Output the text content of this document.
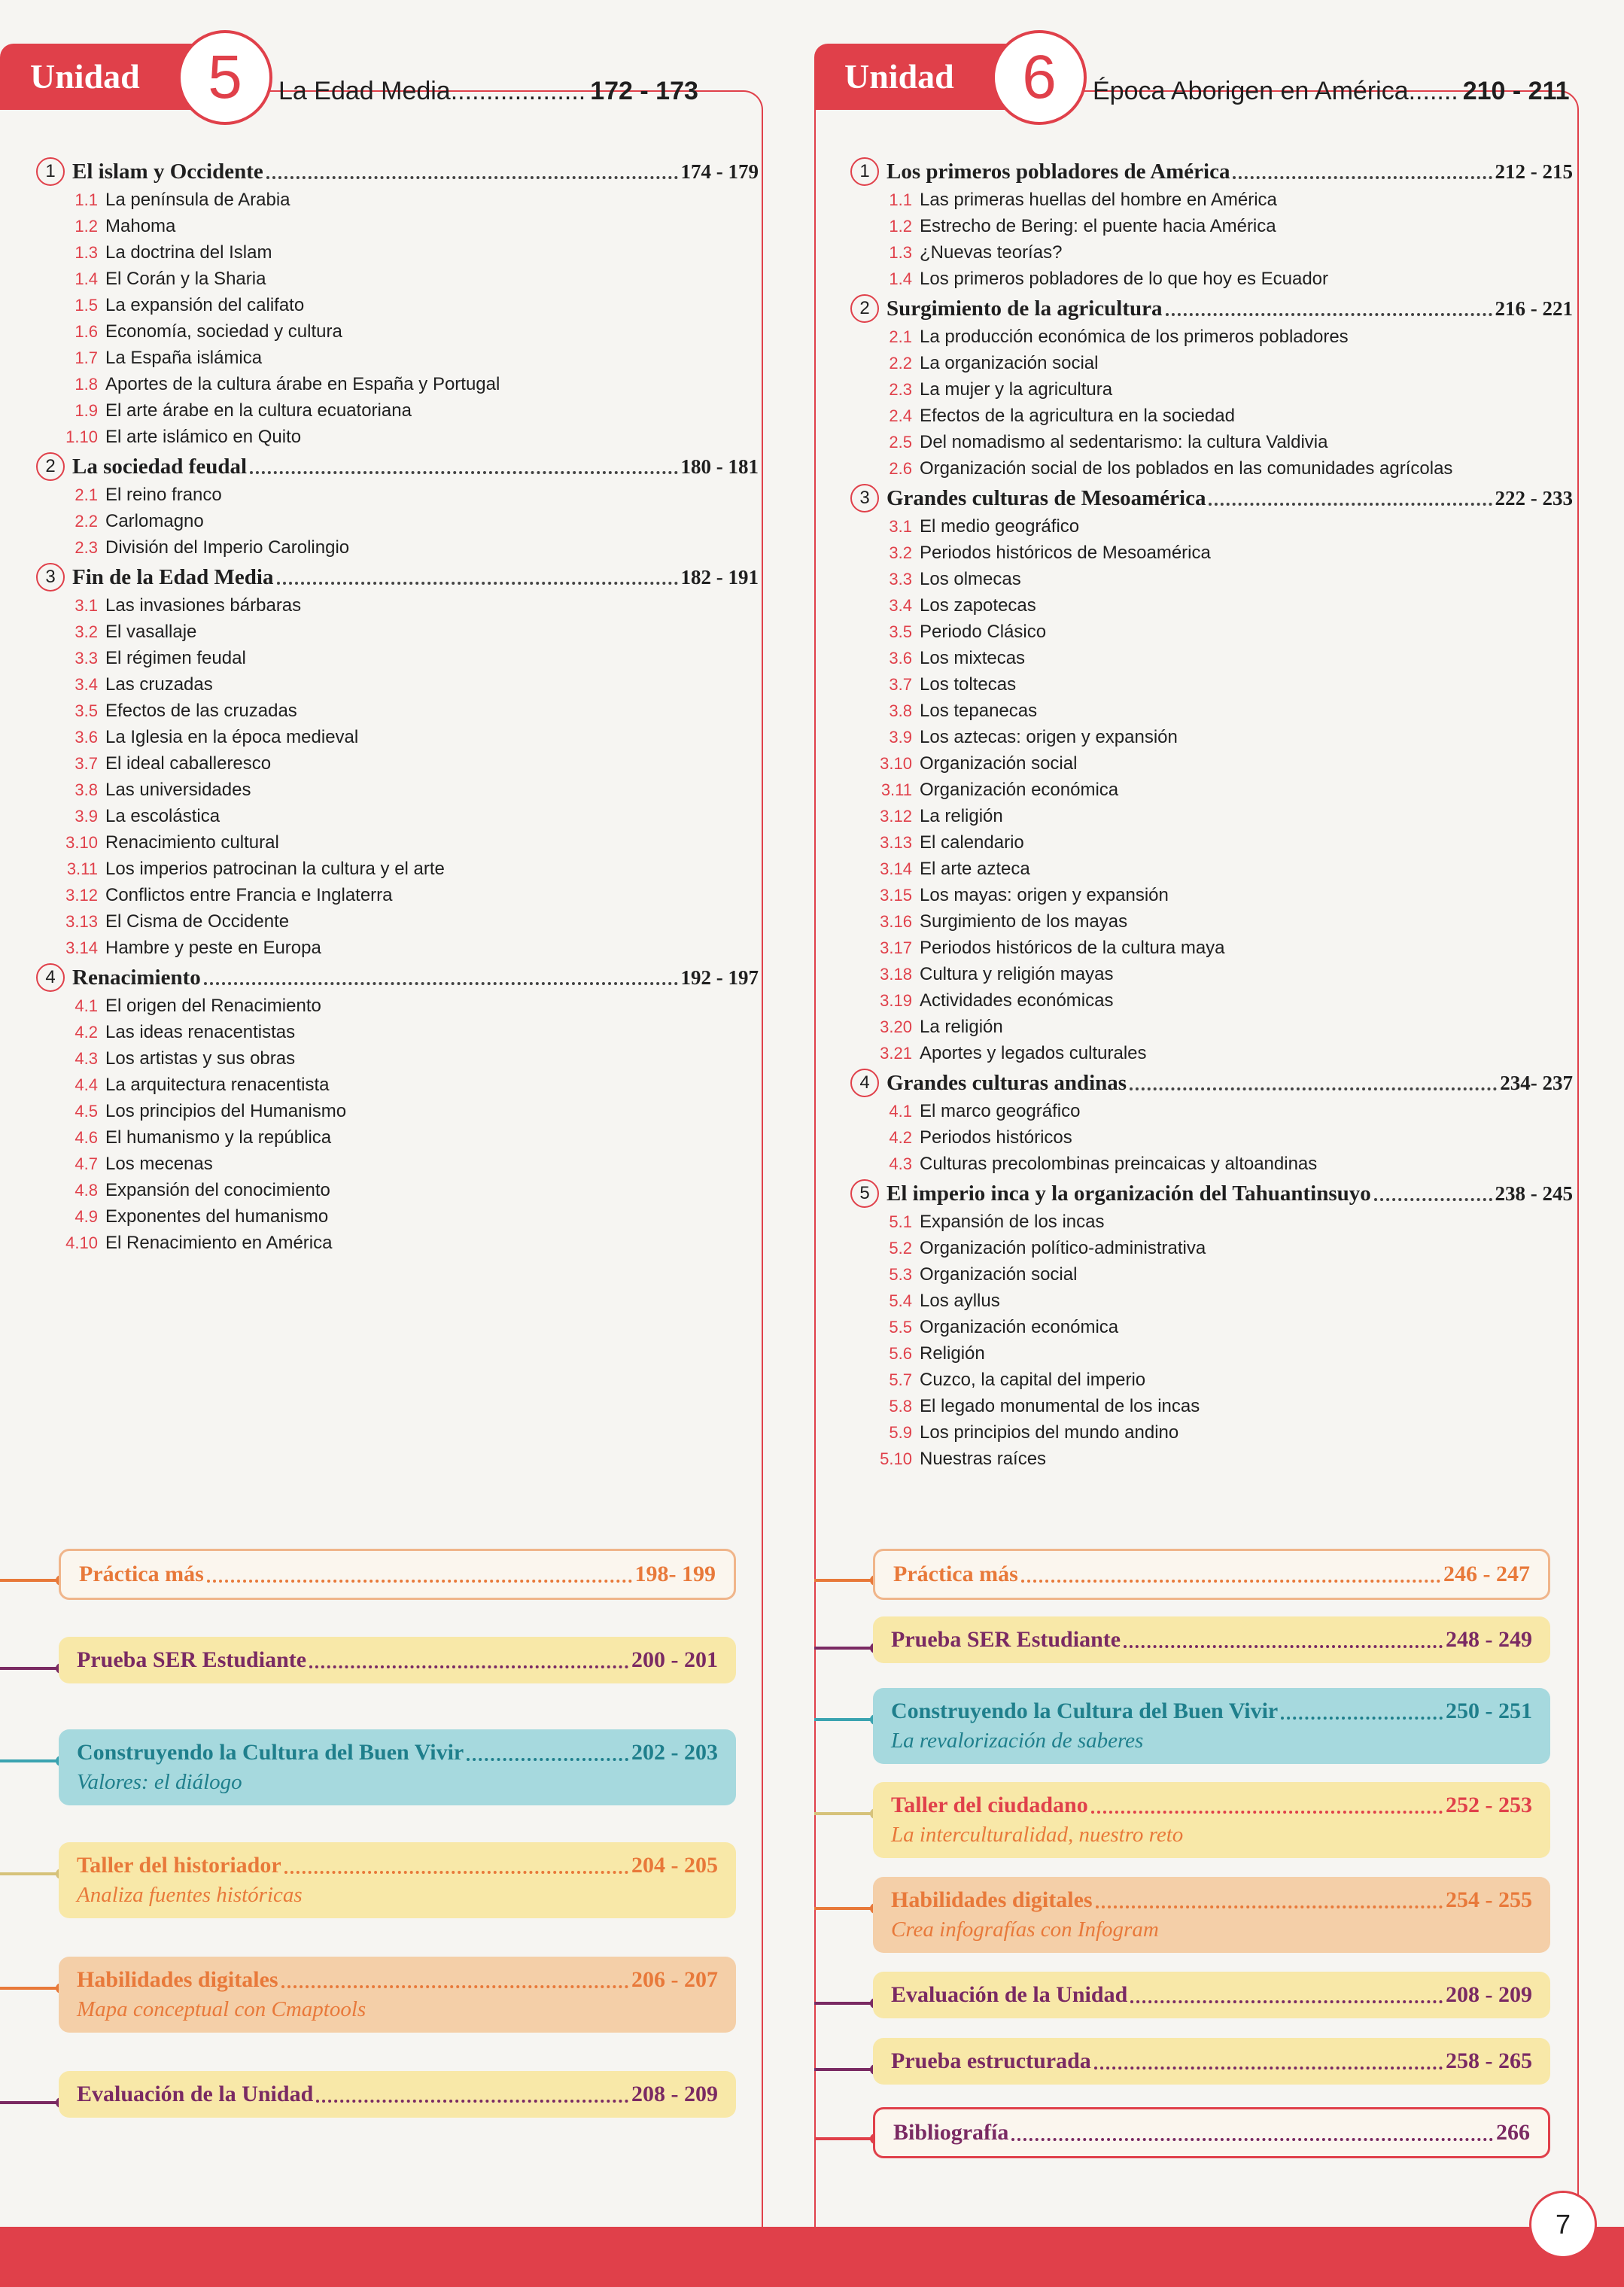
Unidad	5	La Edad Media ................... 172 - 173
1 El islam y Occidente	174 - 179
1.1 La península de Arabia
1.2 Mahoma
1.3 La doctrina del Islam
1.4 El Corán y la Sharia
1.5 La expansión del califato
1.6 Economía, sociedad y cultura
1.7 La España islámica
1.8 Aportes de la cultura árabe en España y Portugal
1.9 El arte árabe en la cultura ecuatoriana
1.10 El arte islámico en Quito
2 La sociedad feudal	180 - 181
2.1 El reino franco
2.2 Carlomagno
2.3 División del Imperio Carolingio
3 Fin de la Edad Media	182 - 191
3.1 Las invasiones bárbaras
3.2 El vasallaje
3.3 El régimen feudal
3.4 Las cruzadas
3.5 Efectos de las cruzadas
3.6 La Iglesia en la época medieval
3.7 El ideal caballeresco
3.8 Las universidades
3.9 La escolástica
3.10 Renacimiento cultural
3.11 Los imperios patrocinan la cultura y el arte
3.12 Conflictos entre Francia e Inglaterra
3.13 El Cisma de Occidente
3.14 Hambre y peste en Europa
4 Renacimiento	192 - 197
4.1 El origen del Renacimiento
4.2 Las ideas renacentistas
4.3 Los artistas y sus obras
4.4 La arquitectura renacentista
4.5 Los principios del Humanismo
4.6 El humanismo y la república
4.7 Los mecenas
4.8 Expansión del conocimiento
4.9 Exponentes del humanismo
4.10 El Renacimiento en América
Unidad	6	Época Aborigen en América ....... 210 - 211
1 Los primeros pobladores de América	212 - 215
1.1 Las primeras huellas del hombre en América
1.2 Estrecho de Bering: el puente hacia América
1.3 ¿Nuevas teorías?
1.4 Los primeros pobladores de lo que hoy es Ecuador
2 Surgimiento de la agricultura	216 - 221
2.1 La producción económica de los primeros pobladores
2.2 La organización social
2.3 La mujer y la agricultura
2.4 Efectos de la agricultura en la sociedad
2.5 Del nomadismo al sedentarismo: la cultura Valdivia
2.6 Organización social de los poblados en las comunidades agrícolas
3 Grandes culturas de Mesoamérica	222 - 233
3.1 El medio geográfico
3.2 Periodos históricos de Mesoamérica
3.3 Los olmecas
3.4 Los zapotecas
3.5 Periodo Clásico
3.6 Los mixtecas
3.7 Los toltecas
3.8 Los tepanecas
3.9 Los aztecas: origen y expansión
3.10 Organización social
3.11 Organización económica
3.12 La religión
3.13 El calendario
3.14 El arte azteca
3.15 Los mayas: origen y expansión
3.16 Surgimiento de los mayas
3.17 Periodos históricos de la cultura maya
3.18 Cultura y religión mayas
3.19 Actividades económicas
3.20 La religión
3.21 Aportes y legados culturales
4 Grandes culturas andinas	234- 237
4.1 El marco geográfico
4.2 Periodos históricos
4.3 Culturas precolombinas preincaicas y altoandinas
5 El imperio inca y la organización del Tahuantinsuyo	238 - 245
5.1 Expansión de los incas
5.2 Organización político-administrativa
5.3 Organización social
5.4 Los ayllus
5.5 Organización económica
5.6 Religión
5.7 Cuzco, la capital del imperio
5.8 El legado monumental de los incas
5.9 Los principios del mundo andino
5.10 Nuestras raíces
Práctica más	198- 199
Prueba SER Estudiante	200 - 201
Construyendo la Cultura del Buen Vivir	202 - 203
Valores: el diálogo
Taller del historiador	204 - 205
Analiza fuentes históricas
Habilidades digitales	206 - 207
Mapa conceptual con Cmaptools
Evaluación de la Unidad	208 - 209
Práctica más	246 - 247
Prueba SER Estudiante	248 - 249
Construyendo la Cultura del Buen Vivir	250 - 251
La revalorización de saberes
Taller del ciudadano	252 - 253
La interculturalidad, nuestro reto
Habilidades digitales	254 - 255
Crea infografías con Infogram
Evaluación de la Unidad	208 - 209
Prueba estructurada	258 - 265
Bibliografía	266
7
